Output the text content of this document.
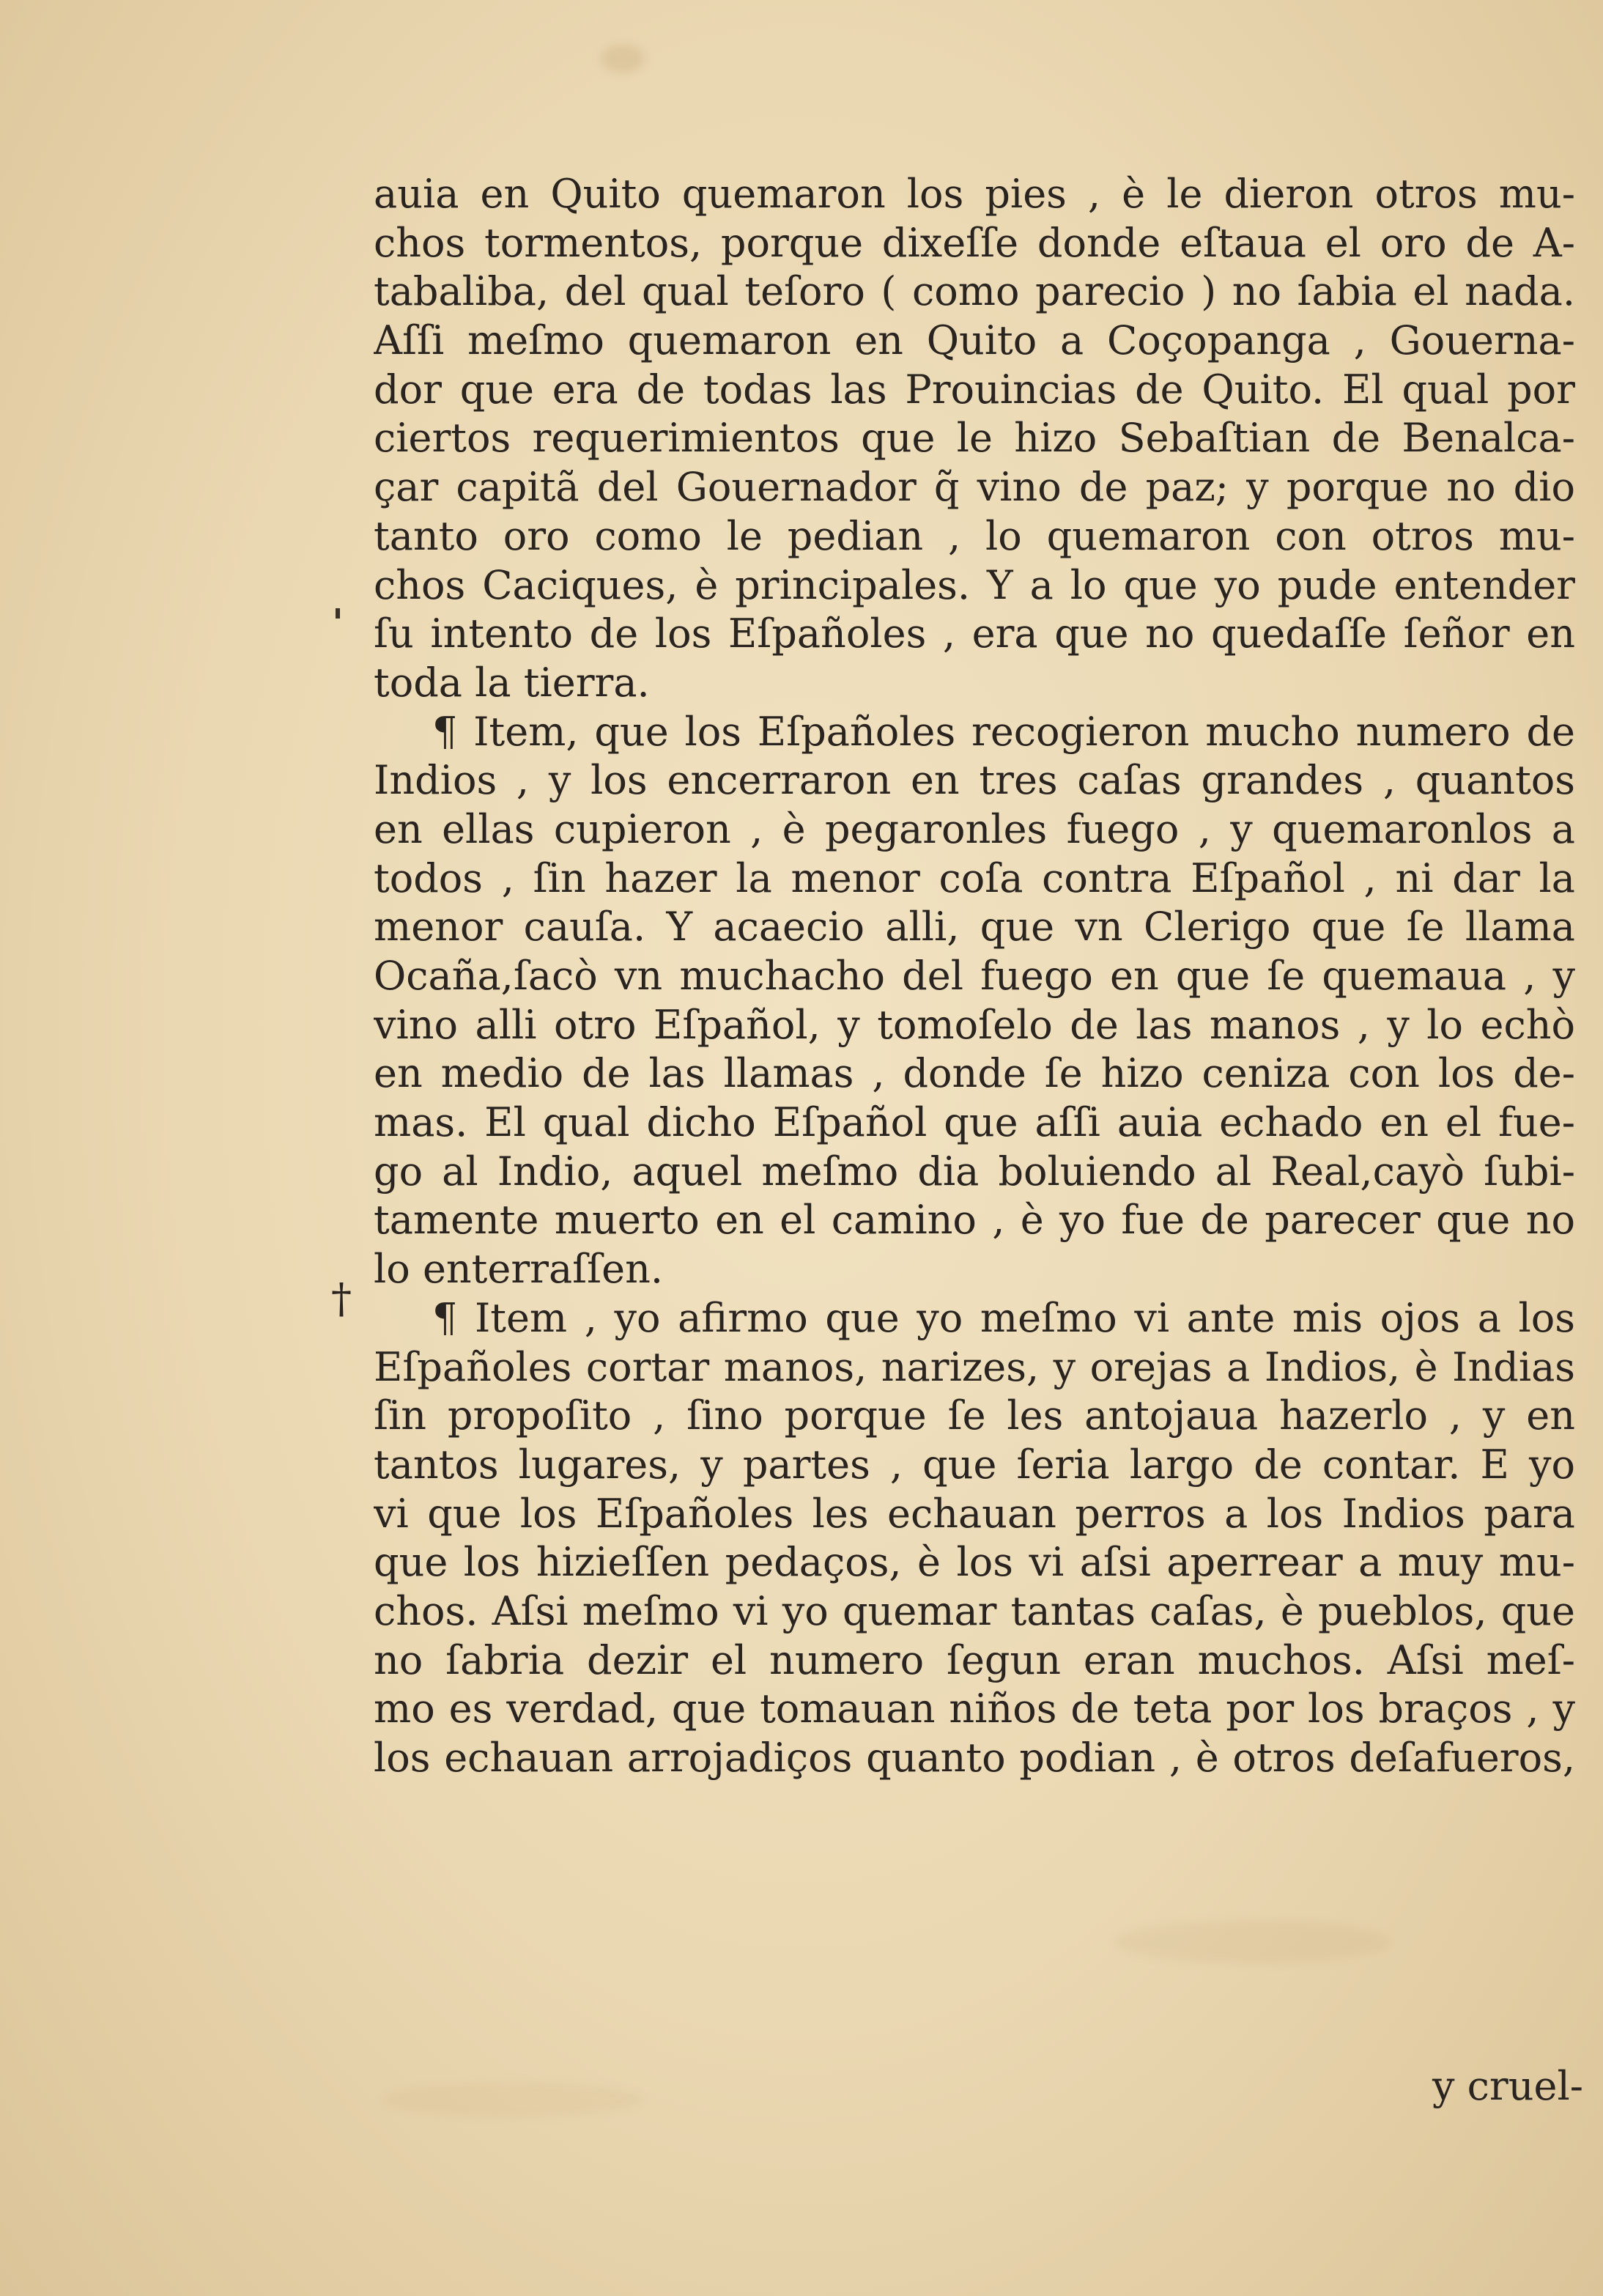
†
auia en Quito quemaron los pies , è le dieron otros mu-
chos tormentos, porque dixeſſe donde eſtaua el oro de A-
tabaliba, del qual teſoro ( como parecio ) no ſabia el nada.
Aſſi meſmo quemaron en Quito a Coçopanga , Gouerna-
dor que era de todas las Prouincias de Quito. El qual por
ciertos requerimientos que le hizo Sebaſtian de Benalca-
çar capitã del Gouernador q̃ vino de paz; y porque no dio
tanto oro como le pedian , lo quemaron con otros mu-
chos Caciques, è principales. Y a lo que yo pude entender
ſu intento de los Eſpañoles , era que no quedaſſe ſeñor en
toda la tierra.
¶ Item, que los Eſpañoles recogieron mucho numero de
Indios , y los encerraron en tres caſas grandes , quantos
en ellas cupieron , è pegaronles fuego , y quemaronlos a
todos , ſin hazer la menor coſa contra Eſpañol , ni dar la
menor cauſa. Y acaecio alli, que vn Clerigo que ſe llama
Ocaña,ſacò vn muchacho del fuego en que ſe quemaua , y
vino alli otro Eſpañol, y tomoſelo de las manos , y lo echò
en medio de las llamas , donde ſe hizo ceniza con los de-
mas. El qual dicho Eſpañol que aſſi auia echado en el fue-
go al Indio, aquel meſmo dia boluiendo al Real,cayò ſubi-
tamente muerto en el camino , è yo fue de parecer que no
lo enterraſſen.
¶ Item , yo afirmo que yo meſmo vi ante mis ojos a los
Eſpañoles cortar manos, narizes, y orejas a Indios, è Indias
ſin propoſito , ſino porque ſe les antojaua hazerlo , y en
tantos lugares, y partes , que ſeria largo de contar. E yo
vi que los Eſpañoles les echauan perros a los Indios para
que los hizieſſen pedaços, è los vi aſsi aperrear a muy mu-
chos. Aſsi meſmo vi yo quemar tantas caſas, è pueblos, que
no ſabria dezir el numero ſegun eran muchos. Aſsi meſ-
mo es verdad, que tomauan niños de teta por los braços , y
los echauan arrojadiços quanto podian , è otros deſafueros,
y cruel-
